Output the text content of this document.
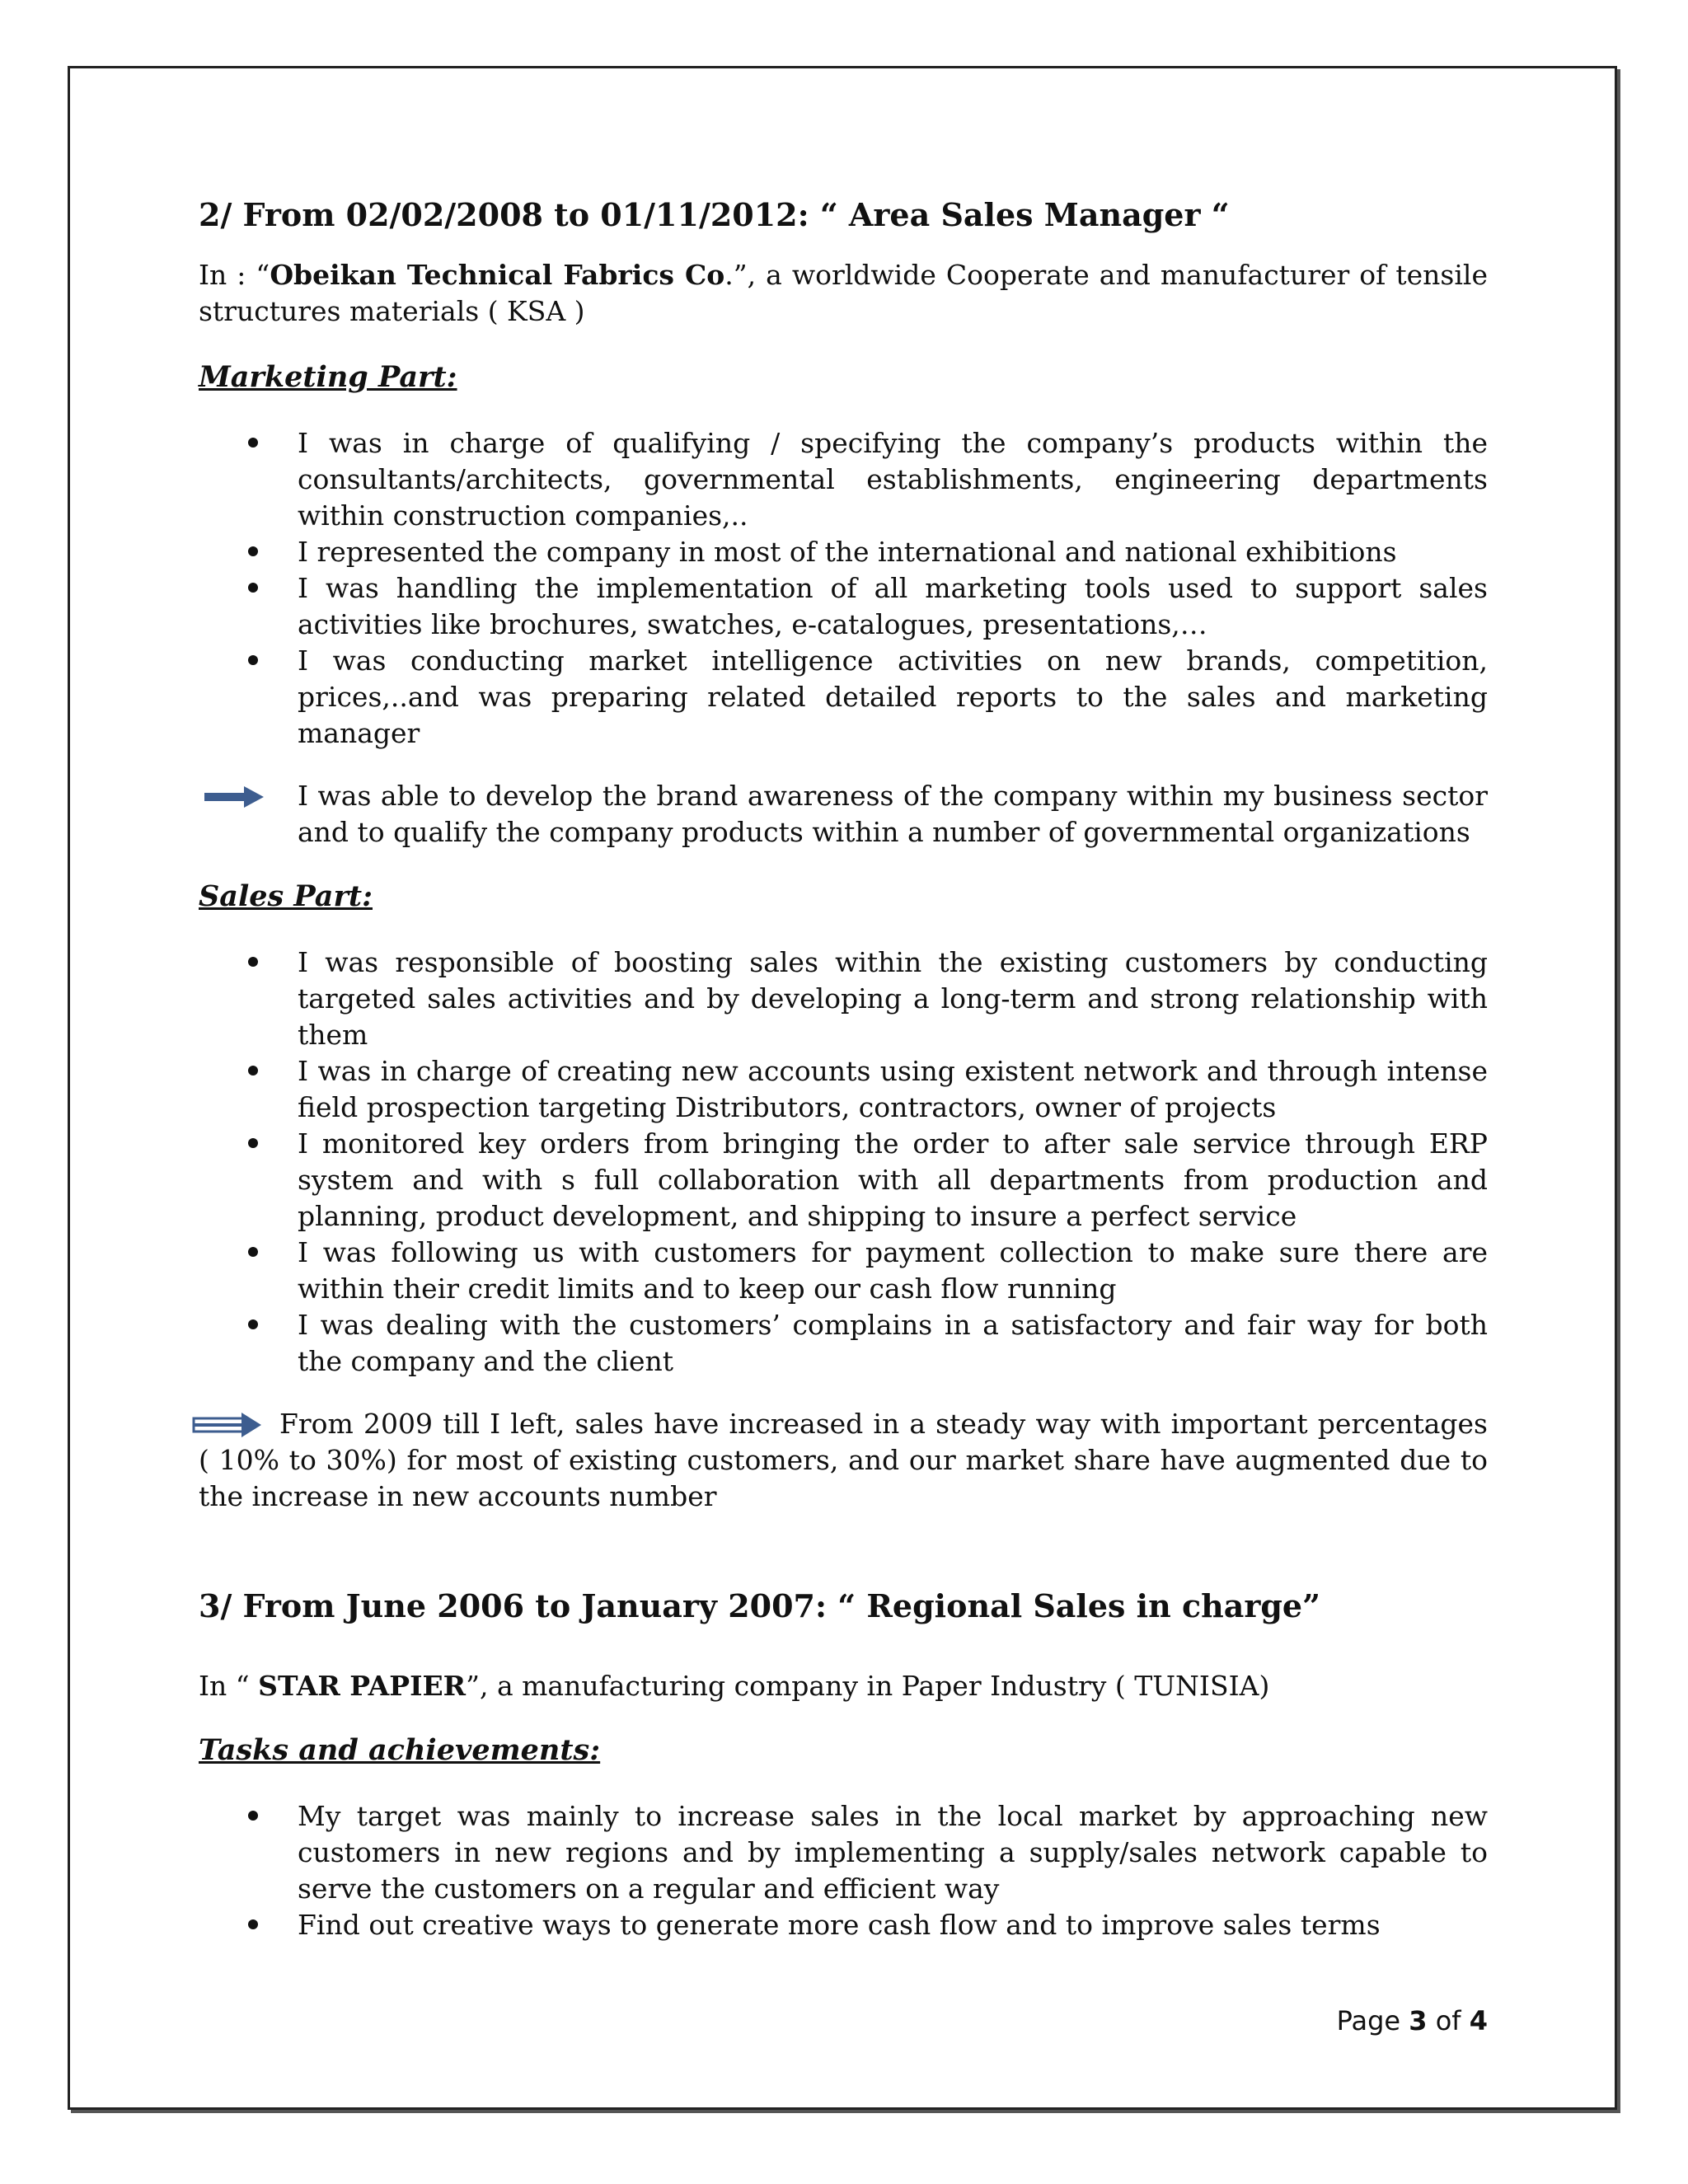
2/ From 02/02/2008 to 01/11/2012: “ Area Sales Manager “

In : “Obeikan Technical Fabrics Co.”, a worldwide Cooperate and manufacturer of tensile structures materials ( KSA )

Marketing Part:

I was in charge of qualifying / specifying the company’s products within the consultants/architects, governmental establishments, engineering departments within construction companies,..
I represented the company in most of the international and national exhibitions
I was handling the implementation of all marketing tools used to support sales activities like brochures, swatches, e-catalogues, presentations,…
I was conducting market intelligence activities on new brands, competition, prices,..and was preparing related detailed reports to the sales and marketing manager
I was able to develop the brand awareness of the company within my business sector and to qualify the company products within a number of governmental organizations

Sales Part:

I was responsible of boosting sales within the existing customers by conducting targeted sales activities and by developing a long-term and strong relationship with them
I was in charge of creating new accounts using existent network and through intense field prospection targeting Distributors, contractors, owner of projects
I monitored key orders from bringing the order to after sale service through ERP system and with s full collaboration with all departments from production and planning, product development, and shipping to insure a perfect service
I was following us with customers for payment collection to make sure there are within their credit limits and to keep our cash flow running
I was dealing with the customers’ complains in a satisfactory and fair way for both the company and the client
From 2009 till I left, sales have increased in a steady way with important percentages ( 10% to 30%) for most of existing customers, and our market share have augmented due to the increase in new accounts number

3/ From June 2006 to January 2007: “ Regional Sales in charge”

In “ STAR PAPIER”, a manufacturing company in Paper Industry ( TUNISIA)

Tasks and achievements:

My target was mainly to increase sales in the local market by approaching new customers in new regions and by implementing a supply/sales network capable to serve the customers on a regular and efficient way
Find out creative ways to generate more cash flow and to improve sales terms
Page 3 of 4
